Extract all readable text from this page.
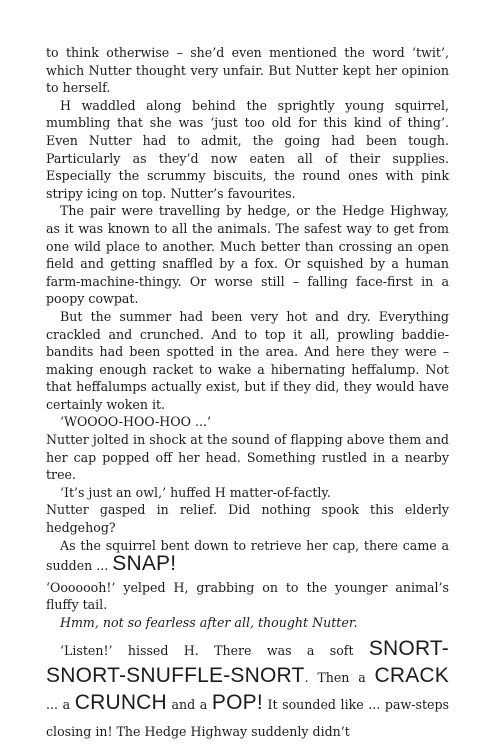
to think otherwise – she’d even mentioned the word ‘twit’, which Nutter thought very unfair. But Nutter kept her opinion to herself.

H waddled along behind the sprightly young squirrel, mumbling that she was ‘just too old for this kind of thing’. Even Nutter had to admit, the going had been tough. Particularly as they’d now eaten all of their supplies. Especially the scrummy biscuits, the round ones with pink stripy icing on top. Nutter’s favourites.

The pair were travelling by hedge, or the Hedge Highway, as it was known to all the animals. The safest way to get from one wild place to another. Much better than crossing an open field and getting snaffled by a fox. Or squished by a human farm-machine-thingy. Or worse still – falling face-first in a poopy cowpat.

But the summer had been very hot and dry. Everything crackled and crunched. And to top it all, prowling baddie-bandits had been spotted in the area. And here they were – making enough racket to wake a hibernating heffalump. Not that heffalumps actually exist, but if they did, they would have certainly woken it.

‘WOOOO-HOO-HOO ...’

Nutter jolted in shock at the sound of flapping above them and her cap popped off her head. Something rustled in a nearby tree.

‘It’s just an owl,’ huffed H matter-of-factly.

Nutter gasped in relief. Did nothing spook this elderly hedgehog?

As the squirrel bent down to retrieve her cap, there came a sudden ... SNAP!

‘Ooooooh!’ yelped H, grabbing on to the younger animal’s fluffy tail.

Hmm, not so fearless after all, thought Nutter.

‘Listen!’ hissed H. There was a soft SNORT- SNORT-SNUFFLE-SNORT. Then a CRACK ... a CRUNCH and a POP! It sounded like ... paw-steps closing in! The Hedge Highway suddenly didn’t
